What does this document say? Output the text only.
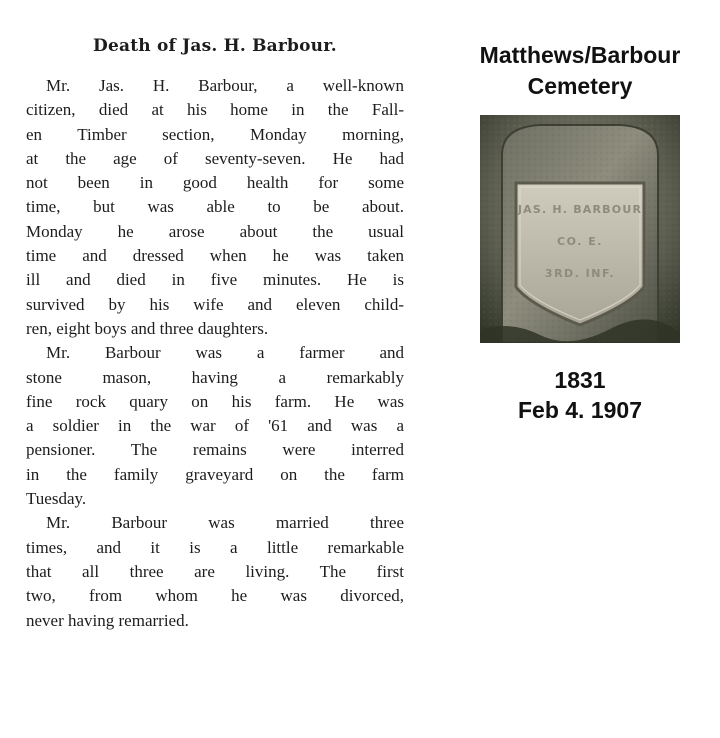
Death of Jas. H. Barbour.
Mr. Jas. H. Barbour, a well-known
citizen, died at his home in the Fall-
en Timber section, Monday morning,
at the age of seventy-seven. He had
not been in good health for some
time, but was able to be about.
Monday he arose about the usual
time and dressed when he was taken
ill and died in five minutes. He is
survived by his wife and eleven child-
ren, eight boys and three daughters.
Mr. Barbour was a farmer and
stone mason, having a remarkably
fine rock quary on his farm. He was
a soldier in the war of '61 and was a
pensioner. The remains were interred
in the family graveyard on the farm
Tuesday.
Mr. Barbour was married three
times, and it is a little remarkable
that all three are living. The first
two, from whom he was divorced,
never having remarried.

Matthews/Barbour
Cemetery

JAS. H. BARBOUR
CO. E.
3RD. INF.
1831
Feb 4. 1907
